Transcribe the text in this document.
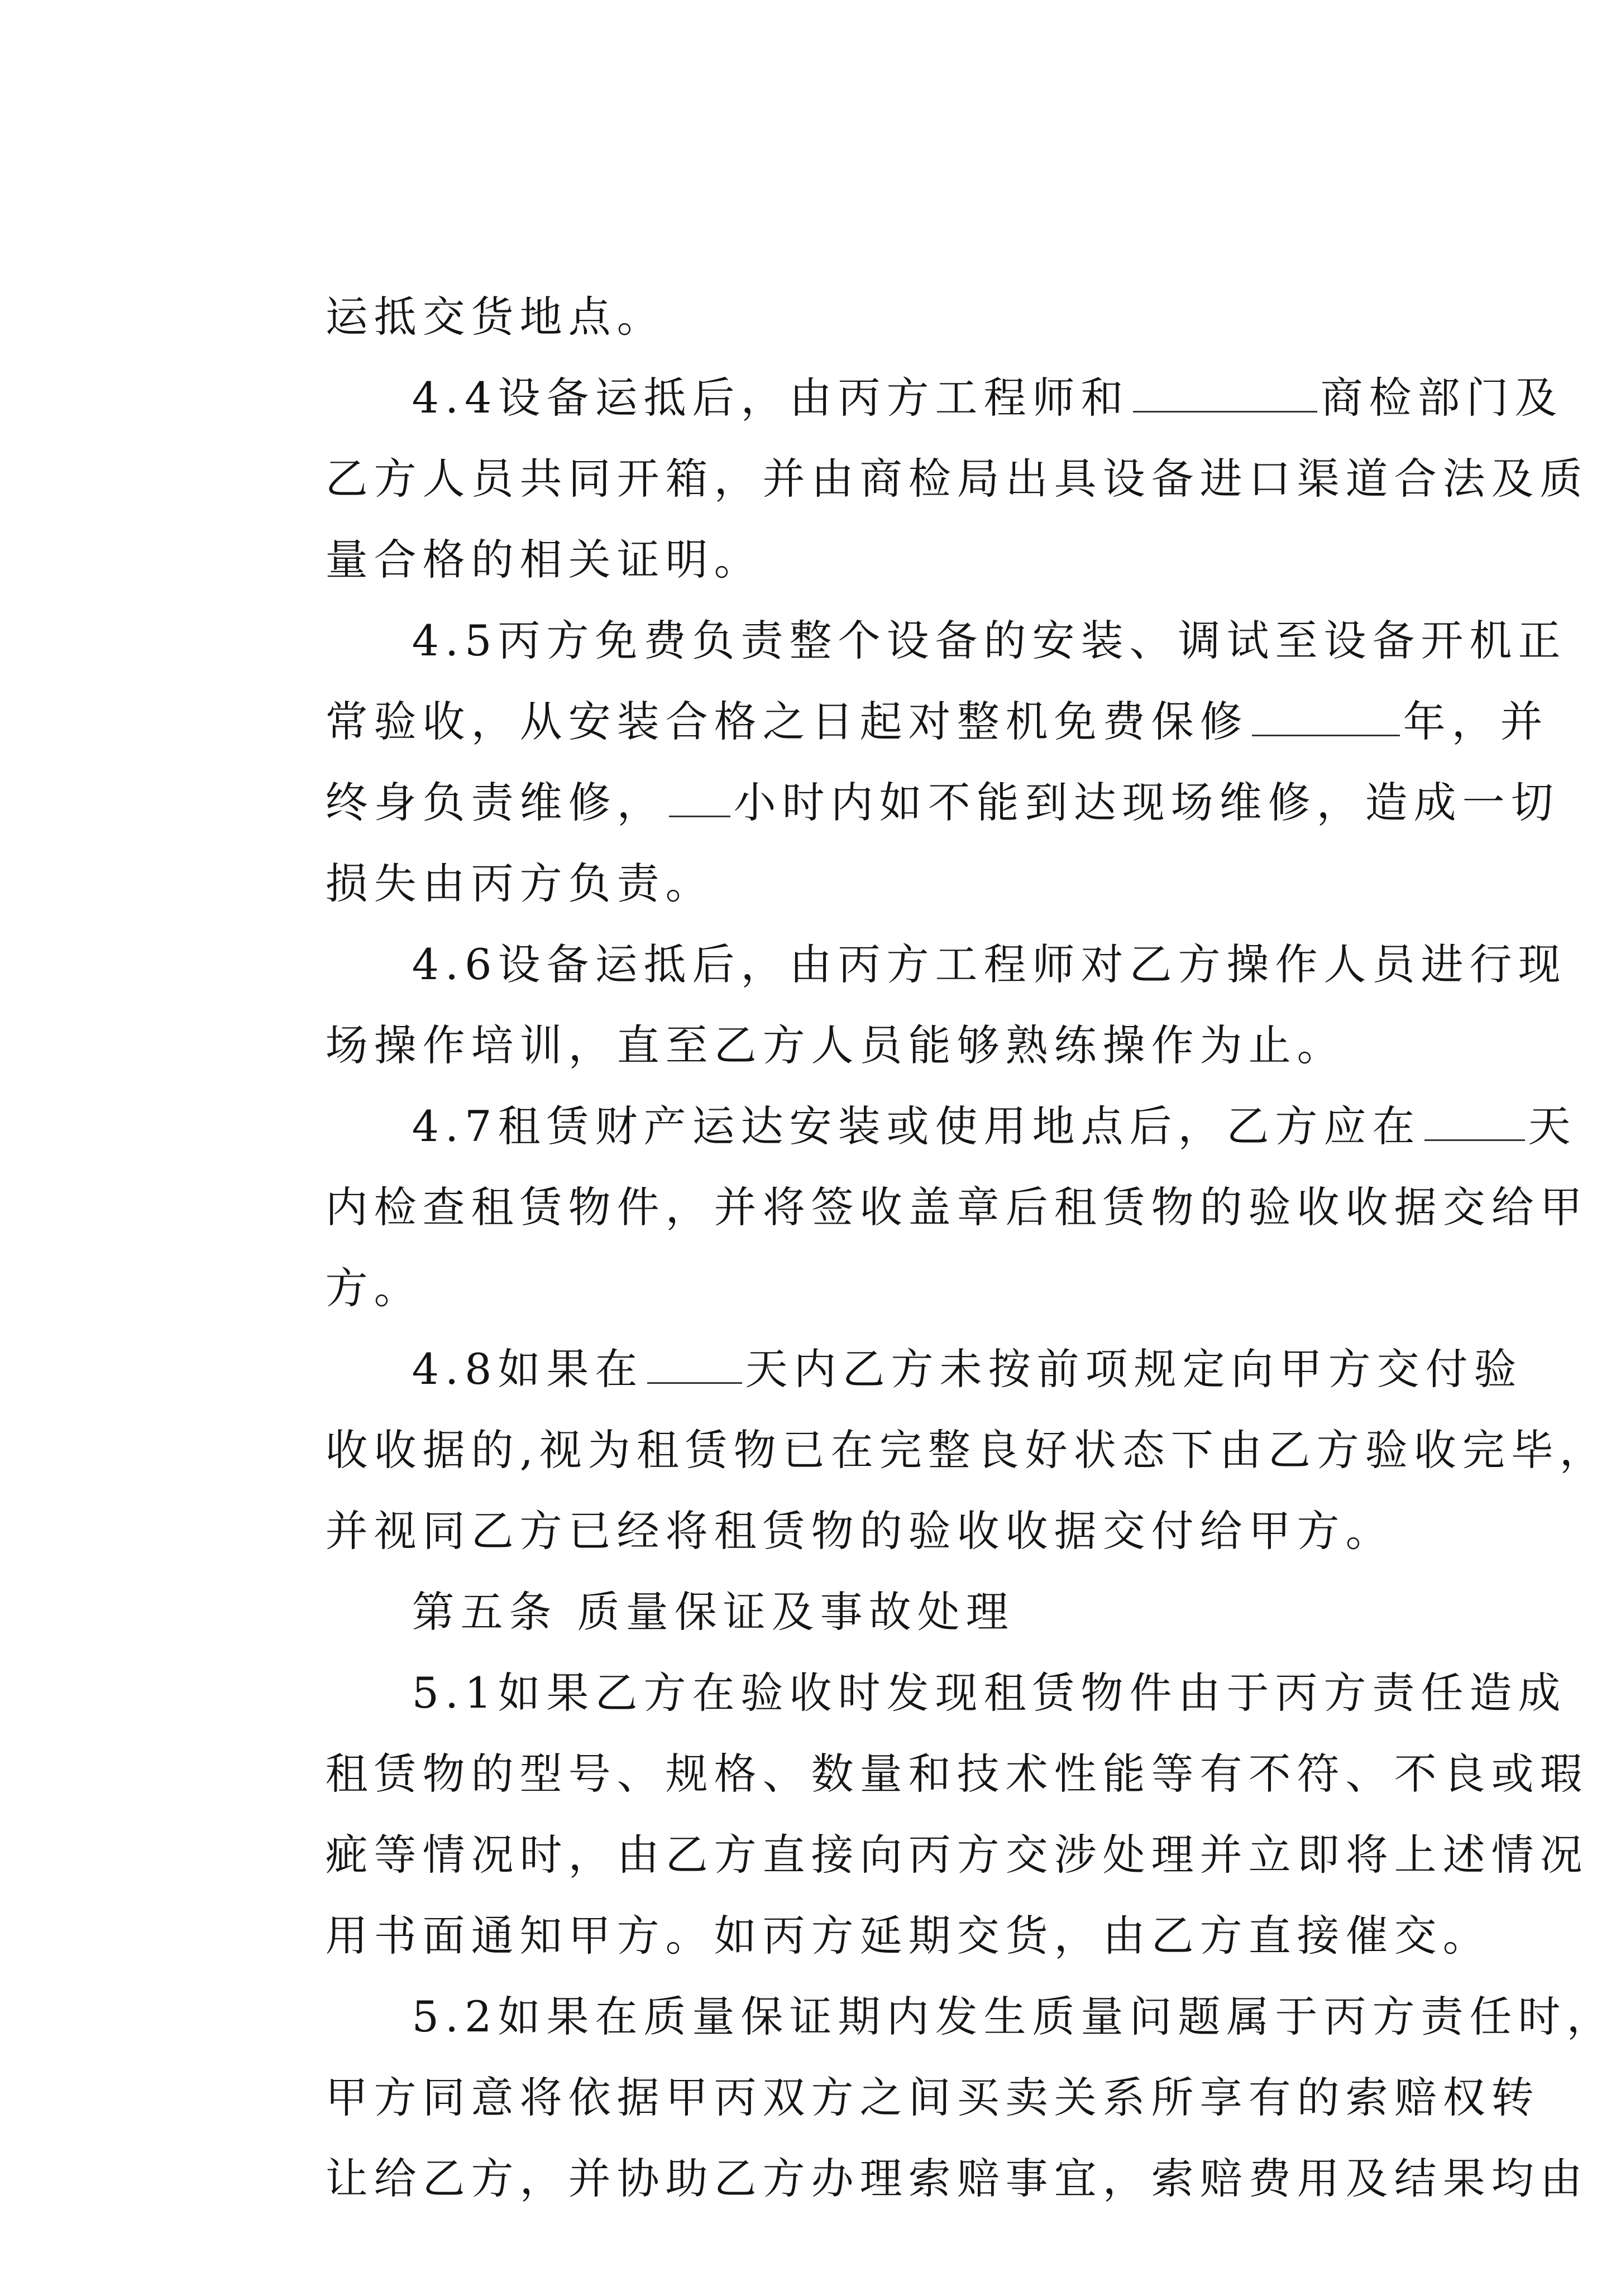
运抵交货地点。

4.4设备运抵后，由丙方工程师和	商检部门及

乙方人员共同开箱，并由商检局出具设备进口渠道合法及质

量合格的相关证明。

4.5丙方免费负责整个设备的安装、调试至设备开机正

常验收，从安装合格之日起对整机免费保修	年，并

终身负责维修， 小时内如不能到达现场维修，造成一切

损失由丙方负责。

4.6设备运抵后，由丙方工程师对乙方操作人员进行现

场操作培训，直至乙方人员能够熟练操作为止。

4.7租赁财产运达安装或使用地点后，乙方应在	天

内检查租赁物件，并将签收盖章后租赁物的验收收据交给甲

方。

4.8如果在 天内乙方未按前项规定向甲方交付验

收收据的,视为租赁物已在完整良好状态下由乙方验收完毕，

并视同乙方已经将租赁物的验收收据交付给甲方。

第五条 质量保证及事故处理

5.1如果乙方在验收时发现租赁物件由于丙方责任造成

租赁物的型号、规格、数量和技术性能等有不符、不良或瑕

疵等情况时，由乙方直接向丙方交涉处理并立即将上述情况

用书面通知甲方。如丙方延期交货，由乙方直接催交。

5.2如果在质量保证期内发生质量问题属于丙方责任时，

甲方同意将依据甲丙双方之间买卖关系所享有的索赔权转

让给乙方，并协助乙方办理索赔事宜，索赔费用及结果均由
